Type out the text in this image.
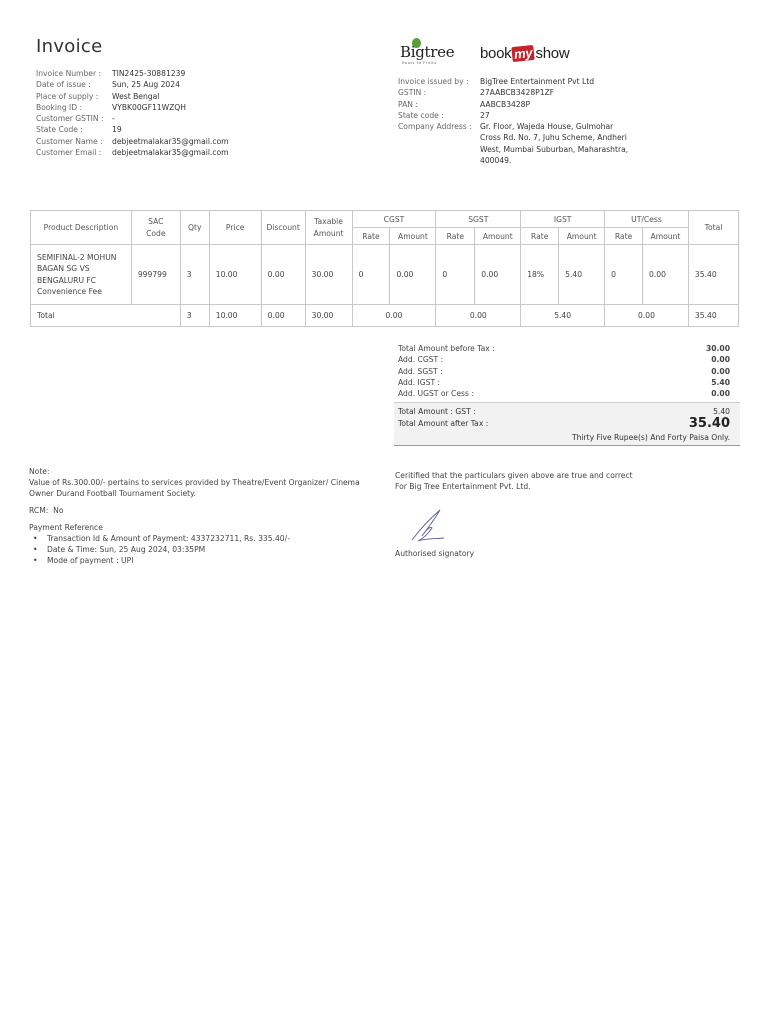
Invoice
Invoice Number :	TIN2425-30881239
Date of issue :	Sun, 25 Aug 2024
Place of supply :	West Bengal
Booking ID :	VYBK00GF11WZQH
Customer GSTIN :	-
State Code :	19
Customer Name :	debjeetmalakar35@gmail.com
Customer Email :	debjeetmalakar35@gmail.com
Bigtree
Roots to Fruits
book my show
Invoice issued by :	BigTree Entertainment Pvt Ltd
GSTIN :	27AABCB3428P1ZF
PAN :	AABCB3428P
State code :	27
Company Address :	Gr. Floor, Wajeda House, Gulmohar Cross Rd. No. 7, Juhu Scheme, Andheri West, Mumbai Suburban, Maharashtra, 400049.
Product Description	SAC Code	Qty	Price	Discount	Taxable Amount	CGST		SGST		IGST		UT/Cess		Total
						Rate	Amount	Rate	Amount	Rate	Amount	Rate	Amount	

SEMIFINAL-2 MOHUN
BAGAN SG VS
BENGALURU FC
Convenience Fee	999799	3	10.00	0.00	30.00	0	0.00	0	0.00	18%	5.40	0	0.00	35.40
Total		3	10.00	0.00	30.00	0.00		0.00		5.40		0.00		35.40
Total Amount before Tax :	30.00
Add. CGST :	0.00
Add. SGST :	0.00
Add. IGST :	5.40
Add. UGST or Cess :	0.00
Total Amount : GST :	5.40
Total Amount after Tax :	35.40
Thirty Five Rupee(s) And Forty Paisa Only.
Note:
Value of Rs.300.00/- pertains to services provided by Theatre/Event Organizer/ Cinema Owner Durand Football Tournament Society.
RCM: No
Payment Reference
•	Transaction Id & Amount of Payment: 4337232711, Rs. 335.40/-
•	Date & Time: Sun, 25 Aug 2024, 03:35PM
•	Mode of payment : UPI
Ceritified that the particulars given above are true and correct
For Big Tree Entertainment Pvt. Ltd.
Authorised signatory
